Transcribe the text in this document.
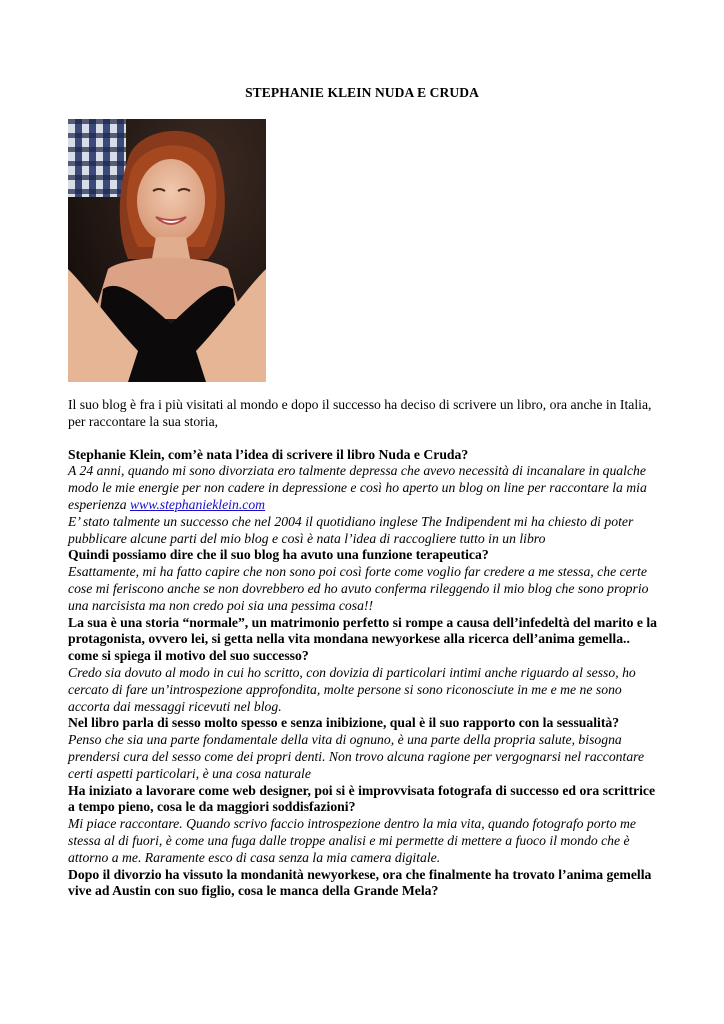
STEPHANIE KLEIN NUDA E CRUDA

Il suo blog è fra i più visitati al mondo e dopo il successo ha deciso di scrivere un libro, ora anche in Italia, per raccontare la sua storia,

Stephanie Klein, com’è nata l’idea di scrivere il libro Nuda e Cruda?

A 24 anni, quando mi sono divorziata ero talmente depressa che avevo necessità di incanalare in qualche modo le mie energie per non cadere in depressione e così ho aperto un blog on line per raccontare la mia esperienza www.stephanieklein.com

E’ stato talmente un successo che nel 2004 il quotidiano inglese The Indipendent mi ha chiesto di poter pubblicare alcune parti del mio blog e così è nata l’idea di raccogliere tutto in un libro

Quindi possiamo dire che il suo blog ha avuto una funzione terapeutica?

Esattamente, mi ha fatto capire che non sono poi così forte come voglio far credere a me stessa, che certe cose mi feriscono anche se non dovrebbero ed ho avuto conferma rileggendo il mio blog che sono proprio una narcisista ma non credo poi sia una pessima cosa!!

La sua è una storia “normale”, un matrimonio perfetto si rompe a causa dell’infedeltà del marito e la protagonista, ovvero lei, si getta nella vita mondana newyorkese alla ricerca dell’anima gemella.. come si spiega il motivo del suo successo?

Credo sia dovuto al modo in cui ho scritto, con dovizia di particolari intimi anche riguardo al sesso, ho cercato di fare un’introspezione approfondita, molte persone si sono riconosciute in me e me ne sono accorta dai messaggi ricevuti nel blog.

Nel libro parla di sesso molto spesso e senza inibizione, qual è il suo rapporto con la sessualità?

Penso che sia una parte fondamentale della vita di ognuno, è una parte della propria salute, bisogna prendersi cura del sesso come dei propri denti. Non trovo alcuna ragione per vergognarsi nel raccontare certi aspetti particolari, è una cosa naturale

Ha iniziato a lavorare come web designer, poi si è improvvisata fotografa di successo ed ora scrittrice a tempo pieno, cosa le da maggiori soddisfazioni?

Mi piace raccontare. Quando scrivo faccio introspezione dentro la mia vita, quando fotografo porto me stessa al di fuori, è come una fuga dalle troppe analisi e mi permette di mettere a fuoco il mondo che è attorno a me. Raramente esco di casa senza la mia camera digitale.

Dopo il divorzio ha vissuto la mondanità newyorkese, ora che finalmente ha trovato l’anima gemella vive ad Austin con suo figlio, cosa le manca della Grande Mela?
